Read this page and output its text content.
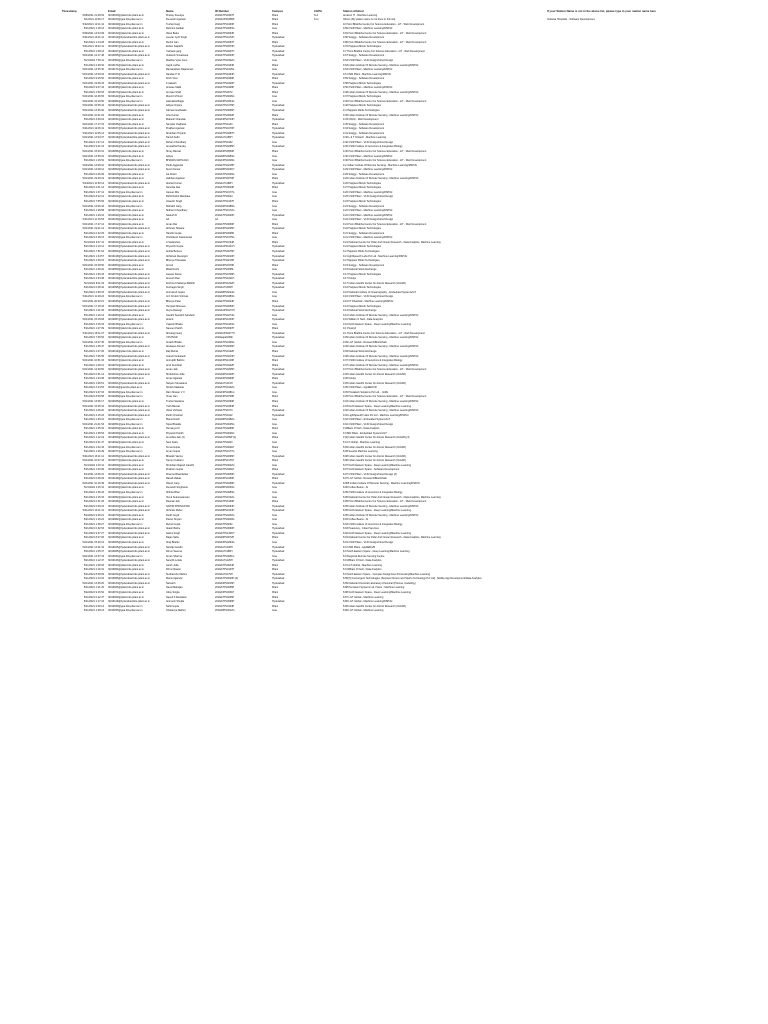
Timestamp	Email	Name	ID Number	Campus	CGPA	Station Allotted	If your Station Name is not in the above list, please type in your station name here
5/28/2021 21:49:52	f2019030@pilani.bits-pilani.ac.in	Pranay Sreedya	2019A7PS0307P	Pilani	N.A	Amazon IT - Machine Learning	
6/1/2021 11:06:17	f2019100@goa.bits-pilani.ac.in	Devansh Agarwal	2019AAPS0389P	Pilani	8.xx	Others (My station name is not there in this list)	Vedanta Hospitals - Software Development
5/22/2021 12:11:41	f2019049@goa.bits-pilani.ac.in	Tushar Garg	2019A7PS0163P	Pilani		10 Homi Bhabha Centre For Science Education - IoT - Web Development	
5/21/2021 1:18:13	f2019109@pilani.bits-pilani.ac.in	Rukmini Gadkar	2019A7PS0053G	Goa		9.89 CSIR Pilani - Machine Learning/DSP/AI	
5/30/2021 14:04:09	f2019132@pilani.bits-pilani.ac.in	Vikas Batra	2019A7PS0064P	Pilani		9.81 Homi Bhabha Centre For Science Education - IoT - Web Development	
5/21/2021 13:01:11	f2019112@hyderabad.bits-pilani.ac.in	Jeevan Jyoti Singh	2019A7PS0172H	Hyderabad		9.80 Swiggy - Software Development	
5/21/2021 1:14:28	f2019169@pilani.bits-pilani.ac.in	Ruchir Jain	2019A7PS0067P	Pilani		9.80 Homi Bhabha Centre For Science Education - IoT - Web Development	
5/21/2021 19:22:11	f2019097@hyderabad.bits-pilani.ac.in	Eshan Satpathi	2019A7PS0973H	Hyderabad		9.76 Happiest Minds Technologies	
5/21/2021 1:38:13	f2019027@pilani.bits-pilani.ac.in	Yashank garg	2019A7PS0037H	Hyderabad		9.7 Homi Bhabha Centre For Science Education - IoT - Web Development	
5/21/2021 12:17:48	f2019055@hyderabad.bits-pilani.ac.in	Vedansh Srivastava	2019A7PS0023H	Hyderabad		9.67 Swiggy - Software Development	
5/21/2021 7:05:11	f2019350@goa.bits-pilani.ac.in	Madhav Vyas Guru	2019A7PS0322G	Goa		9.63 CSIR Pilani - VLSI Design/Cloud Design	
5/21/2021 2:28:32	f2019174@pilani.bits-pilani.ac.in	Jagrit Lodha	2019A7PS0164P	Pilani		9.63 Indian Institute Of Remote Sensing - Machine Learning/DSP/AI	
5/21/2021 13:35:30	f2019171@goa.bits-pilani.ac.in	Ramanathan Rajaraman	2019A7PS0115G	Goa		9.63 CSIR Pilani - Machine Learning/DSP/AI	
5/21/2021 13:09:34	f2019163@hyderabad.bits-pilani.ac.in	Nandan H R	2019A7PS0164H	Hyderabad		9.6 CSIR Pilani - Machine Learning/DSP/AI	
5/21/2021 9:25:50	f2019026@pilani.bits-pilani.ac.in	Krish Vora	2019A3PS0339P	Pilani		9.59 Swiggy - Software Development	
5/21/2021 19:36:33	f2019010@hyderabad.bits-pilani.ac.in	K Aakash	2019A7PS0320H	Hyderabad		9.58 Happiest Minds Technologies	
5/21/2021 9:07:43	f2019045@pilani.bits-pilani.ac.in	Anadee Malik	2019A7PS0409P	Pilani		9.56 CSIR Pilani - Machine Learning/DSP/AI	
5/21/2021 1:50:03	f2019073@pilani.bits-pilani.ac.in	Arunjan Shah	2019A7PS0072	Pilani		9.38 Indian Institute Of Remote Sensing - Machine Learning/DSP/AI	
5/21/2021 16:46:53	f2019142@goa.bits-pilani.ac.in	Mouzzi M Noor	2019A7PS0026G	Goa		9.37 Happiest Minds Technologies	
5/21/2021 15:19:50	f2019084@goa.bits-pilani.ac.in	Aaloukika Batge	2019A3PS0334G	Goa		9.36 Homi Bhabha Centre For Science Education - IoT - Web Development	
5/21/2021 15:05:44	f2019134@hyderabad.bits-pilani.ac.in	Aditya Chopra	2019A7PS0176H	Hyderabad		9.40 Happiest Minds Technologies	
5/21/2021 13:36:32	f2019096@hyderabad.bits-pilani.ac.in	Jahnavi Gudiwada	2019A7PS0066H	Hyderabad		9.4 Happiest Minds Technologies	
5/21/2021 10:01:03	f2019199@pilani.bits-pilani.ac.in	Ishu Kumar	2019A7PS0000P	Pilani		9.35 Indian Institute Of Remote Sensing - Machine Learning/DSP/AI	
5/21/2021 3:09:04	f2019151@pilani.bits-pilani.ac.in	Mahesh Chandak	2019A3PS0744H	Hyderabad		9.33 CDAC - Web Development	
5/21/2021 17:17:15	f2019035@pilani.bits-pilani.ac.in	Sanskar Jhajharia	2019A7PS0143	Pilani		9.35 Swiggy - Software Development	
5/21/2021 12:06:11	f2019167@hyderabad.bits-pilani.ac.in	Prakhar Agarwal	2019A7PS0170H	Hyderabad		9.34 Swiggy - Software Development	
5/21/2021 11:05:14	f2019134@hyderabad.bits-pilani.ac.in	Shubham Priyank	2019A7PS0287H	Hyderabad		9.31 Swiggy - Software Development	
5/21/2021 13:03:37	f2019119@hyderabad.bits-pilani.ac.in	Tanish Sethi	2019AA71189H	Hyderabad		9.30 L & T Infotech - Machine Learning	
5/21/2021 1:27:14	f2019002@hyderabad.bits-pilani.ac.in	Rohan Choudhary	2019A7PS0102	Goa		9.30 CSIR Pilani - VLSI Design/Cloud Design	
5/21/2021 9:21:16	f2019164@hyderabad.bits-pilani.ac.in	Anuradha Pandey	2019A7PS0265H	Hyderabad		9.30 CSIR-Institute of Genomics & Integrative Biology	
5/21/2021 15:00:10	f2019056@pilani.bits-pilani.ac.in	Shrey Bansal	2019A3PS0550P	Pilani		9.30 Homi Bhabha Centre For Science Education - IoT - Web Development	
5/21/2021 13:59:22	f2019062@pilani.bits-pilani.ac.in	Aditya	2019A8PS0683G	Goa		9.30 CSIR Pilani - Machine Learning/DSP/AI	
5/21/2021 1:16:52	f2019043@goa.bits-pilani.ac.in	BHAVAS MAHAJAN	2019A3PS0318G	Goa		9.30 Homi Bhabha Centre For Science Education - IoT - Web Development	
5/22/2021 13:06:10	f2019108@hyderabad.bits-pilani.ac.in	Parth Aggarwal	2019A7PS0218H	Hyderabad		9.2 Indian Institute Of Remote Sensing - Machine Learning/DSP/AI	
5/21/2021 14:09:12	f2019052@hyderabad.bits-pilani.ac.in	Sumit Kumar	2019A8PS0231H	Hyderabad		9.29 CSIR Pilani - Machine Learning/DSP/AI	
5/21/2021 0:06:09	f2019103@pilani.bits-pilani.ac.in	Jai Khatri	2019A7PS0420G	Goa		9.26 Swiggy - Software Development	
5/21/2021 19:40:19	f2019048@pilani.bits-pilani.ac.in	Vaibhav Agarwal	2019A3PS0070P	Pilani		9.26 Indian Institute Of Remote Sensing - Machine Learning/DSP/AI	
5/24/2021 11:50:14	f2019191@hyderabad.bits-pilani.ac.in	Akshat Kumar	2019AA71188H	Hyderabad		9.26 Happiest Minds Technologies	
5/21/2021 2:01:14	f2019093@pilani.bits-pilani.ac.in	Sanchia Das	2019A7PS0023P	Pilani		9.27 Happiest Minds Technologies	
5/21/2021 1:37:14	f2019171@goa.bits-pilani.ac.in	Jaiveer Ritu	2019A7PS0177G	Goa		9.26 CSIR Pilani - Machine Learning/DSP/AI	
5/21/2021 8:22:12	f2019104@pilani.bits-pilani.ac.in	Rohit Rahul Wandake	2019A7PS0024	Goa		9.25 CSIR Pilani - VLSI Design/Cloud Design	
5/21/2021 7:55:06	f2019161@pilani.bits-pilani.ac.in	Utsavsh Singh	2019A7PS0137P	Pilani		9.23 Happiest Minds Technologies	
5/21/2021 13:06:43	f2019040@goa.bits-pilani.ac.in	Rishabh Garg	2019A3PS0488G	Goa		9.23 Swiggy - Software Development	
5/21/2021 1:28:58	f2019073@pilani.bits-pilani.ac.in	Sidhant Choudhary	2019A7PS0172G	Goa		9.22 CSIR Pilani - Machine Learning/DSP/AI	
5/21/2021 1:29:16	f2019042@pilani.bits-pilani.ac.in	Sadesh D	2019A7PS0020H	Hyderabad		9.22 CSIR Pilani - Machine Learning/DSP/AI	
5/21/2021 11:16:53	f2019139@pilani.bits-pilani.ac.in	AA	AA	Goa		9.22 CSIR Pilani - VLSI Design/Cloud Design	
5/21/2021 17:27:14	f2019012@pilani.bits-pilani.ac.in	Aman Rai	2019A7PS0050P	Pilani		9.21 Homi Bhabha Centre For Science Education - IoT - Web Development	
5/21/2021 19:21:14	f2019162@hyderabad.bits-pilani.ac.in	Abhinav Talwara	2019A3PS0226H	Hyderabad		9.22 Happiest Minds Technologies	
5/21/2021 0:42:25	f2019096@pilani.bits-pilani.ac.in	Harshit Gupta	2019A3PS0096P	Pilani		9.21 Swiggy - Software Development	
5/21/2021 6:18:13	f2019213@goa.bits-pilani.ac.in	Vrishtikesh Kasamtekar	2019A7PS0175G	Goa		9.21 CSIR Pilani - Machine Learning/DSP/AI	
5/21/2021 9:37:11	f2019164@pilani.bits-pilani.ac.in	A Sudarshan	2019A7PS0744P	Pilani		9.21 National Centre For Polar And Ocean Research - Data Analytics, Machine Learning	
5/21/2021 2:10:14	f2019102@hyderabad.bits-pilani.ac.in	Priyansh Gupta	2019AAPS1211H	Hyderabad		9.21 Happiest Minds Technologies	
5/21/2021 7:51:02	f2019054@hyderabad.bits-pilani.ac.in	Ankita Behera	2019A7PS0076H	Hyderabad		9.2 Happiest Minds Technologies	
5/21/2021 1:34:57	f2019128@hyderabad.bits-pilani.ac.in	Abhishek Revanjoti	2019A7PS0010H	Hyderabad		9.2 LightSpeedX Labs Pvt Ltd - Machine Learning/DSP/AI	
5/21/2021 1:39:15	f2019144@hyderabad.bits-pilani.ac.in	Bhavya Tibrewala	2019A7PS1159H	Hyderabad		9.2 Happiest Minds Technologies	
5/21/2021 15:48:50	f2019053@pilani.bits-pilani.ac.in	Anmol	2019A3PS0379P	Pilani		9.19 Swiggy - Software Development	
5/21/2021 1:46:22	f2019059@pilani.bits-pilani.ac.in	Mitali Doshi	2019A7PS0095L	Goa		9.19 National Stock Exchange	
5/21/2021 1:36:33	f2019070@hyderabad.bits-pilani.ac.in	Gaurav Desai	2019A7PS0708H	Hyderabad		9.17 Happiest Minds Technologies	
5/21/2021 2:34:38	f2019110@hyderabad.bits-pilani.ac.in	Aneesh Rao	2019A7PS0121H	Hyderabad		9.17 Nvidyu	
5/21/2021 8:11:19	f2019103@hyderabad.bits-pilani.ac.in	Krishna Chaitanya Babbili	2019A3PS1002H	Hyderabad		9.17 Indian Gandhi Center for Atomic Research (IGCAR)	
5/21/2021 0:08:42	f2019095@hyderabad.bits-pilani.ac.in	Kushagra Singh	2019AA71299H	Hyderabad		9.16 Happiest Minds Technologies	
5/21/2021 2:59:33	f2019078@hyderabad.bits-pilani.ac.in	Anirudesh Gupta	2019A8PS0224G	Goa		9.16 National Institute of Oceanography - Embedded Systems/IoT	
5/21/2021 11:29:24	f2019140@goa.bits-pilani.ac.in	G.K Krutick Srinivas	2019A3PS0383G	Goa		9.16 CSIR Pilani - VLSI Design/Cloud Design	
5/21/2021 20:00:21	f2019035@hyderabad.bits-pilani.ac.in	Bhavya Patel	2019A7PS0024P	Pilani		9.16 IIT Dhanbad - Machine Learning/DSP/AI	
5/21/2021 17:19:33	f2019038@hyderabad.bits-pilani.ac.in	Hempati Shaveen	2019A7PS0050H	Hyderabad		9.14 Happiest Minds Technologies	
5/21/2021 1:21:06	f2019066@hyderabad.bits-pilani.ac.in	Suyra Rastogi	2019AAPS1072H	Hyderabad		9.14 National Stock Exchange	
5/21/2021 1:16:14	f2019080@pilani.bits-pilani.ac.in	Gandhi Saurabh Sandesh	2019A7PS0274G	Goa		9.12 Indian Institute Of Remote Sensing - Machine Learning/DSP/AI	
5/21/2021 15:18:08	f2019087@hyderabad.bits-pilani.ac.in	Anand	2019A3PS1003H	Hyderabad		9.10 William O Neill - Data Analytics	
5/21/2021 3:26:33	f2019139@goa.bits-pilani.ac.in	Yajansh Bhatia	2019A7PS0103G	Goa		9.10 North Eastern Space - Deep Learning/Machine Learning	
5/21/2021 1:27:09	f2019049@pilani.bits-pilani.ac.in	Naveen Parikh	2019A7PS0097P	Pilani		9.1 Pruskyll	
5/21/2021 16:11:07	f2019028@hyderabad.bits-pilani.ac.in	Shivangi Garg	2019AAPS0277H	Hyderabad		9.1 Homi Bhabha Centre For Science Education - IoT - Web Development	
5/21/2021 7:36:53	f2019004@pilani.bits-pilani.ac.in	YASHVAR	2019aapa0236h	Hyderabad		9.09 Indian Institute Of Remote Sensing - Machine Learning/DSP/AI	
5/21/2021 13:07:36	f2019079@goa.bits-pilani.ac.in	Antash Bhatia	2019A7PS0160G	Goa		9.09 LGT Global - Research/Blockchain	
5/21/2021 1:36:47	f2019160@hyderabad.bits-pilani.ac.in	Abdaque Ahmad	2019A7PS0026H	Hyderabad		9.09 Indian Institute Of Remote Sensing - Machine Learning/DSP/AI	
5/21/2021 2:27:06	f2019112@pilani.bits-pilani.ac.in	Daij Mehta	2019A7PS0122P	Pilani		9.09 National Stock Exchange	
5/21/2021 7:06:55	f2019066@hyderabad.bits-pilani.ac.in	Grandi Venkatesh	2019A7PS0013H	Hyderabad		9.08 Indian Institute Of Remote Sensing - Machine Learning/DSP/AI	
5/21/2021 10:51:03	f2019107@pilani.bits-pilani.ac.in	Aniruddh Bahirvi	2019A3PS1019P	Pilani		9.07 CSIR-Institute of Genomics & Integrative Biology	
5/21/2021 1:28:12	f2019072@pilani.bits-pilani.ac.in	Arsh Kumbhat	2019A7PS0442P	Pilani		9.07 Indian Institute Of Remote Sensing - Machine Learning/DSP/AI	
5/21/2021 12:39:50	f2019060@hyderabad.bits-pilani.ac.in	Aman Jain	2019A7PS0205H	Hyderabad		9.07 Homi Bhabha Centre For Science Education - IoT - Web Development	
5/21/2021 0:51:14	f2019124@hyderabad.bits-pilani.ac.in	Shrikrishna Jolla	2019A3PS0100H	Hyderabad		9.06 Indian Gandhi Center for Atomic Research (IGCAR)	
5/21/2021 1:23:38	f2019065@pilani.bits-pilani.ac.in	Arnav Agarwal	2019A3PS0960P	Pilani		9.06 Nvidyu	
5/21/2021 1:08:51	f2019001@hyderabad.bits-pilani.ac.in	Satyam Srivastava	2019AA71219H	Hyderabad		9.05 Indian Gandhi Center for Atomic Research (IGCAR)	
5/21/2021 2:14:53	f2019112@goa.bits-pilani.ac.in	Nimish Madekar	2019A7PS1002G	Goa		9.05 CSIR Pilani - AppliED/VR	
5/21/2021 9:47:03	f2019106@goa.bits-pilani.ac.in	Ram Sharan V V	2019A3PS0481G	Goa		9.05 Hindalesh Solutions Pvt Ltd. - IIoML	
5/21/2021 8:09:58	f2019188@goa.bits-pilani.ac.in	Vinay Jain	2019A3PS0728P	Pilani		9.05 Homi Bhabha Centre For Science Education - IoT - Web Development	
5/21/2021 13:06:17	f2019045@pilani.bits-pilani.ac.in	Tushar Sardana	2019A7PS0290P	Pilani		9.04 Indian Institute Of Remote Sensing - Machine Learning/DSP/AI	
5/21/2021 15:36:34	f2019034@hyderabad.bits-pilani.ac.in	Yash Bansal	2019A7PS0464P	Pilani		9.03 North Eastern Space - Deep Learning/Machine Learning	
5/21/2021 1:06:20	f2019130@hyderabad.bits-pilani.ac.in	Vikas Vishwas	2019A7PS1073	Hyderabad		9.02 Indian Institute Of Remote Sensing - Machine Learning/DSP/AI	
5/21/2021 2:15:23	f2019123@hyderabad.bits-pilani.ac.in	Parth Chouhan	2019A7PS0412	Hyderabad		9.02 LightSpeedX Labs Pvt Ltd - Machine Learning/DSP/AI	
5/21/2021 1:39:10	f2019109@goa.bits-pilani.ac.in	Mansi Doshi	2019A8PS0482G	Goa		9.02 CSIR Pilani - Embedded Systems/IoT	
5/21/2021 21:41:53	f2019051@goa.bits-pilani.ac.in	Tejas Bhadde	2019A7PS0025G	Goa		9.02 CSIR Pilani - VLSI Design/Cloud Design	
5/21/2021 1:35:32	f2019063@pilani.bits-pilani.ac.in	Hemanya M	2019A7PS0280P	Pilani		9 William O Neill - Data Analytics	
5/21/2021 1:38:53	f2019039@pilani.bits-pilani.ac.in	Priyansh Parikh	2019A7PS0026G	Goa		9 CSIR Pilani - Embedded Systems/IoT	
5/21/2021 1:12:19	f2019009@hyderabad.bits-pilani.ac.in	Anushka Jain [1]	2019AA71089P [1]	Pilani		9 [2] Indian Gandhi Center for Atomic Research (IGCAR) [3]	
5/21/2021 9:21:37	f2019022@pilani.bits-pilani.ac.in	Neel Kaira	2019A7PS0203	Goa		8 LGT Global - Machine Learning	
5/21/2021 1:02:43	f2019060@goa.bits-pilani.ac.in	Kunal Gupta	2019A7PS0021P	Pilani		8.99 Indian Gandhi Center for Atomic Research (IGCAR)	
5/21/2021 1:26:49	f2019077@goa.bits-pilani.ac.in	Aryan Gupta	2019A7PS0177G	Goa		8.99 Seesha Machine Learning	
5/21/2021 13:11:12	f2019036@hyderabad.bits-pilani.ac.in	Bharath Varma	2019A7PS0096H	Hyderabad		8.98 Indian Gandhi Center for Atomic Research (IGCAR)	
5/21/2021 10:07:43	f2019077@pilani.bits-pilani.ac.in	Tanuru Kulkarni	2019A3PS0171P	Pilani		8.98 Indian Gandhi Center for Atomic Research (IGCAR)	
5/21/2021 1:03:11	f2019009@pilani.bits-pilani.ac.in	Shubham Rajesh Gandhi	2019A7PS0002G	Goa		8.97 North Eastern Space - Deep Learning/Machine Learning	
5/21/2021 1:20:09	f2019109@pilani.bits-pilani.ac.in	Pratham Gupta	2019A7PS0301P	Pilani		8.97 North Eastern Space - Software Development	
6/1/2021 14:56:31	f2019047@hyderabad.bits-pilani.ac.in	Khanna Bhandarkar	2019A7PS0059H	Hyderabad		8.97 CSIR Pilani - VLSI Design/Cloud Design [3]	
5/21/2021 0:46:29	f2019128@hyderabad.bits-pilani.ac.in	Rasab Vaikas	2019A3PS0160P	Pilani		8.97 LGT Global - Research/Blockchain	
5/21/2021 10:16:49	f2019040@hyderabad.bits-pilani.ac.in	Hitesh Garg	2019A7PS0348H	Hyderabad		8.965 Indian Institute Of Remote Sensing - Machine Learning/DSP/AI	
5/21/2021 1:35:11	f2019020@pilani.bits-pilani.ac.in	Devansh Singhania	2019A8PS0030G	Goa		8.96 Coffee Beans - AI	
5/21/2021 1:36:18	f2019030@goa.bits-pilani.ac.in	Shikha Bhat	2019A7PS0083G	Goa		8.95 CSIR-Institute of Genomics & Integrative Biology	
5/21/2021 2:15:33	f2019052@pilani.bits-pilani.ac.in	Vivek Sukumaransan	2019A7PS0742G	Goa		8.95 National Centre For Polar And Ocean Research - Data Analytics, Machine Learning	
5/21/2021 0:21:26	f2019026@pilani.bits-pilani.ac.in	Raunak Jain	2019A7PS0130P	Pilani		8.95 Homi Bhabha Centre For Science Education - IoT - Web Development	
5/21/2021 0:09:16	f2019043@hyderabad.bits-pilani.ac.in	SAHIM SHRIVASTAV	2019A7PS0094H	Hyderabad		8.95 Indian Institute Of Remote Sensing - Machine Learning/DSP/AI	
5/21/2021 13:11:41	f2019102@hyderabad.bits-pilani.ac.in	Abhinav Rahul	2019A8PS1004H	Hyderabad		8.95 North Eastern Space - Deep Learning/Machine Learning	
5/24/2021 9:26:21	f2019070@pilani.bits-pilani.ac.in	Parth Goyal	2019A7PS0202G	Goa		8.95 Indian Institute Of Remote Sensing - Machine Learning/DSP/AI	
5/21/2021 1:16:22	f2019082@pilani.bits-pilani.ac.in	Pavan Shyam	2019A7PS0009G	Goa		8.93 Coffee Beans - AI	
5/21/2021 1:38:27	f2019050@goa.bits-pilani.ac.in	Mehul Gupta	2019A7PS0232	Goa		8.93 CSIR-Institute of Genomics & Integrative Biology	
5/21/2021 0:32:53	f2019048@hyderabad.bits-pilani.ac.in	Akash Bahre	2019A7PS0090H	Hyderabad		8.93 Heavenay - Cloud Services	
5/21/2021 9:37:27	f2019016@hyderabad.bits-pilani.ac.in	Saloni Singh	2019A7PS1301H	Hyderabad		8.92 North Eastern Space - Deep Learning/Machine Learning	
5/21/2021 8:27:06	f2019036@pilani.bits-pilani.ac.in	Rajan Sahu	2019A8PS0072P	Pilani		8.91 National Centre For Polar And Ocean Research - Data Analytics, Machine Learning	
5/21/2021 15:40:14	f2019005@pilani.bits-pilani.ac.in	Alraj Bhattei	2019A3PS0294G	Goa		8.91 CSIR Pilani - VLSI Design/Cloud Design	
5/21/2021 13:21:34	f2019106@hyderabad.bits-pilani.ac.in	Sandip Gandhi	2019AA71208H	Hyderabad		8.9 CSIR Pilani - AppliED/VR	
5/21/2021 1:05:37	f2019065@hyderabad.bits-pilani.ac.in	Dhruv Saxena	2019AA71188H	Hyderabad		8.9 North Eastern Space - Deep Learning/Machine Learning	
5/21/2021 13:37:33	f2019034@goa.bits-pilani.ac.in	Aman Sharma	2019A7PS0051G	Goa		8.9 Regional Remote Sensing Centre	
5/21/2021 1:12:47	f2019146@hyderabad.bits-pilani.ac.in	Sanchit Lodde	2019AA71226H	Hyderabad		8.9 William O Neill - Data Analytics	
5/21/2021 1:28:03	f2019010@pilani.bits-pilani.ac.in	Aarsh Joila	2019A7PS0034P	Pilani		8.9 LGT Global - Machine Learning	
5/21/2021 2:16:31	f2019054@pilani.bits-pilani.ac.in	Dhruv Rawat	2019A7PS0137P	Pilani		8.9 William O Neill - Data Analytics	
5/21/2021 8:09:09	f2019154@hyderabad.bits-pilani.ac.in	Sudhanshu Mishra	2019AA71079H	Hyderabad		8.9 North Eastern Space - Complex Design/Geo Processing/Machine Learning	
5/21/2021 2:14:15	f2019066@hyderabad.bits-pilani.ac.in	Mansi Agarwal	2019A7PS0020H [4]	Hyderabad		8.89 [5] Convergent Technologies (Surpass Fitness and Sports Technology Pvt Ltd) - Mobile App Development/Data Analytics	
5/21/2021 13:36:20	f2019133@hyderabad.bits-pilani.ac.in	Samarth	2019A3PS0015H	Hyderabad		8.89 National Chemical Laboratory-Chemical (Process modelling)	
5/21/2021 1:21:26	f2019026@pilani.bits-pilani.ac.in	Naval Mahajan	2019A7PS0056P	Pilani		8.88 Persistent Systems Ltd, Hame - Machine Learning	
5/22/2021 9:16:52	f2019071@pilani.bits-pilani.ac.in	Uday Singla	2019A3PS0031P	Pilani		8.88 North Eastern Space - Deep Learning/Machine Learning	
5/21/2021 0:22:37	f2019009@pilani.bits-pilani.ac.in	Naveli S Rewatkar	2019A7PS0046P	Pilani		8.87 LGT Global - Machine Learning	
5/21/2021 1:17:34	f2019119@hyderabad.bits-pilani.ac.in	Animesh Shukla	2019A7PS0069H	Hyderabad		8.86 LGT Global - Machine Learning/DSP/AI	
5/21/2021 2:09:14	f2019159@goa.bits-pilani.ac.in	Sahil Gupta	2019A7PS0104P	Pilani		8.86 Indian Gandhi Center for Atomic Research (IGCAR)	
5/21/2021 1:38:13	f2019155@goa.bits-pilani.ac.in	Chaitanya Mathur	2019A8PS0012G	Goa		8.86 LGT Global - Machine Learning	
